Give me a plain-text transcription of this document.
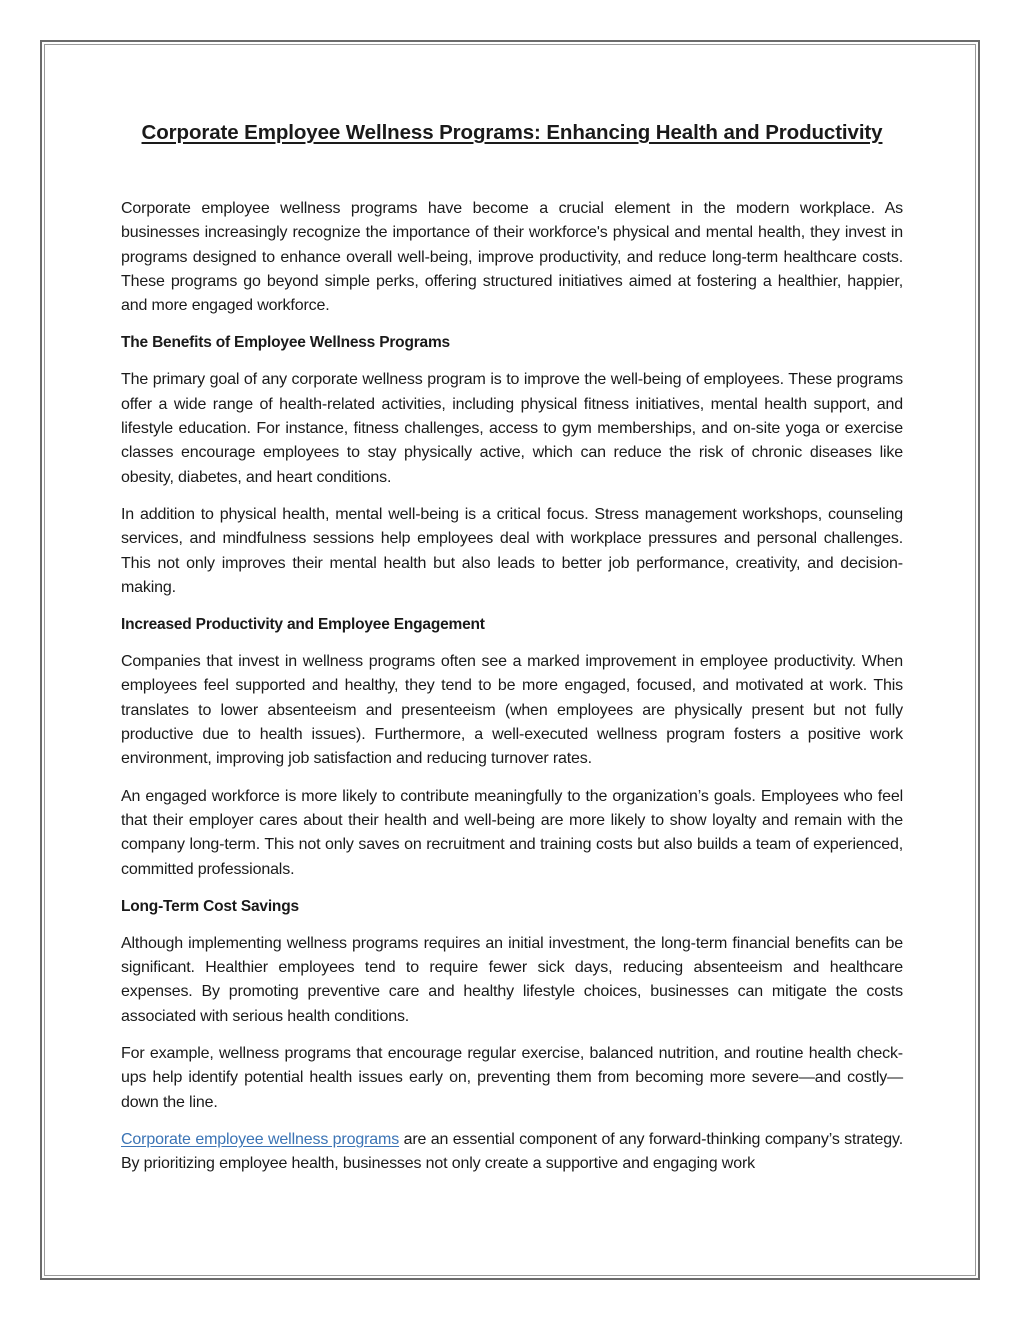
Corporate Employee Wellness Programs: Enhancing Health and Productivity

Corporate employee wellness programs have become a crucial element in the modern workplace. As businesses increasingly recognize the importance of their workforce's physical and mental health, they invest in programs designed to enhance overall well-being, improve productivity, and reduce long-term healthcare costs. These programs go beyond simple perks, offering structured initiatives aimed at fostering a healthier, happier, and more engaged workforce.

The Benefits of Employee Wellness Programs

The primary goal of any corporate wellness program is to improve the well-being of employees. These programs offer a wide range of health-related activities, including physical fitness initiatives, mental health support, and lifestyle education. For instance, fitness challenges, access to gym memberships, and on-site yoga or exercise classes encourage employees to stay physically active, which can reduce the risk of chronic diseases like obesity, diabetes, and heart conditions.

In addition to physical health, mental well-being is a critical focus. Stress management workshops, counseling services, and mindfulness sessions help employees deal with workplace pressures and personal challenges. This not only improves their mental health but also leads to better job performance, creativity, and decision-making.

Increased Productivity and Employee Engagement

Companies that invest in wellness programs often see a marked improvement in employee productivity. When employees feel supported and healthy, they tend to be more engaged, focused, and motivated at work. This translates to lower absenteeism and presenteeism (when employees are physically present but not fully productive due to health issues). Furthermore, a well-executed wellness program fosters a positive work environment, improving job satisfaction and reducing turnover rates.

An engaged workforce is more likely to contribute meaningfully to the organization’s goals. Employees who feel that their employer cares about their health and well-being are more likely to show loyalty and remain with the company long-term. This not only saves on recruitment and training costs but also builds a team of experienced, committed professionals.

Long-Term Cost Savings

Although implementing wellness programs requires an initial investment, the long-term financial benefits can be significant. Healthier employees tend to require fewer sick days, reducing absenteeism and healthcare expenses. By promoting preventive care and healthy lifestyle choices, businesses can mitigate the costs associated with serious health conditions.

For example, wellness programs that encourage regular exercise, balanced nutrition, and routine health check-ups help identify potential health issues early on, preventing them from becoming more severe—and costly—down the line.

Corporate employee wellness programs are an essential component of any forward-thinking company’s strategy. By prioritizing employee health, businesses not only create a supportive and engaging work
